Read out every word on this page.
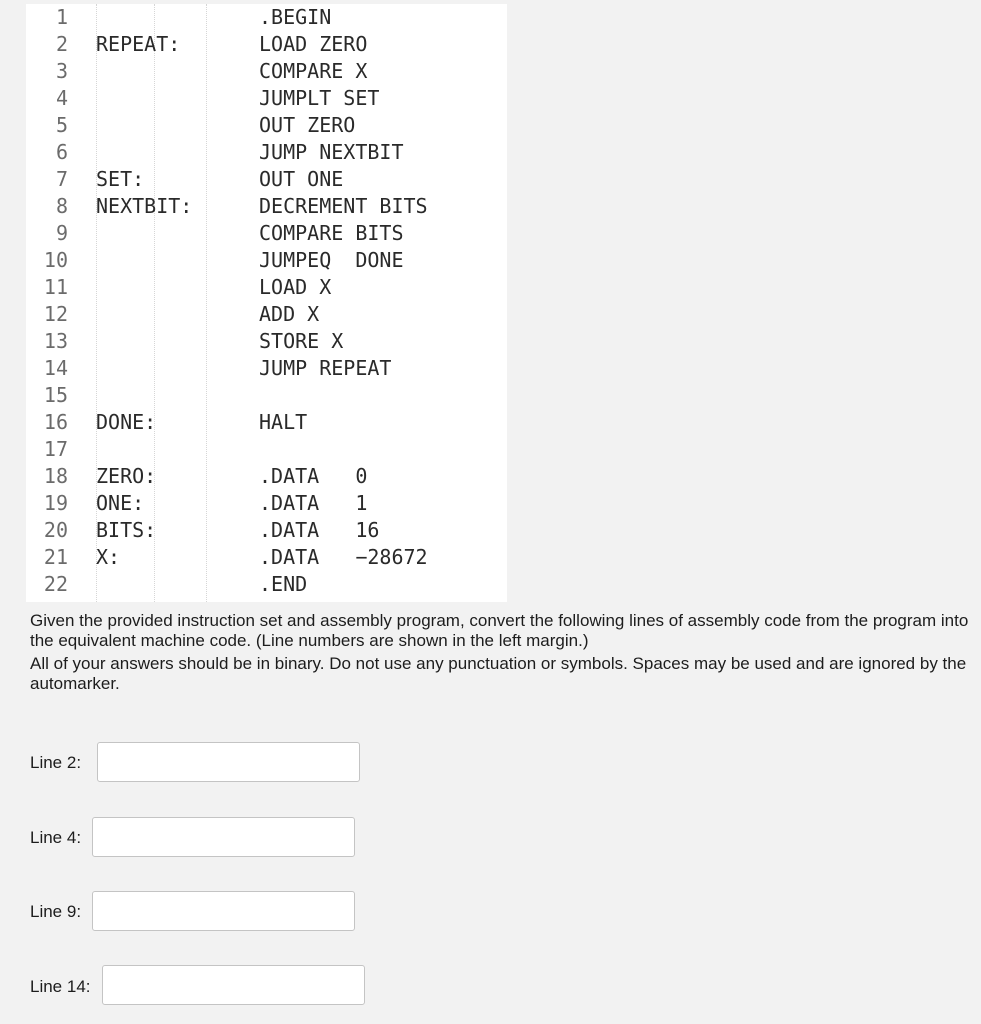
1	.BEGIN
2 REPEAT:	LOAD ZERO
3	COMPARE X
4	JUMPLT SET
5	OUT ZERO
6	JUMP NEXTBIT
7 SET:	OUT ONE
8 NEXTBIT:	DECREMENT BITS
9	COMPARE BITS
10	JUMPEQ  DONE
11	LOAD X
12	ADD X
13	STORE X
14	JUMP REPEAT
15
16 DONE:	HALT
17
18 ZERO:	.DATA   0
19 ONE:	.DATA   1
20 BITS:	.DATA   16
21 X:	.DATA   −28672
22	.END

Given the provided instruction set and assembly program, convert the following lines of assembly code from the program into the equivalent machine code. (Line numbers are shown in the left margin.)

All of your answers should be in binary. Do not use any punctuation or symbols. Spaces may be used and are ignored by the automarker.

Line 2:
Line 4:
Line 9:
Line 14:
